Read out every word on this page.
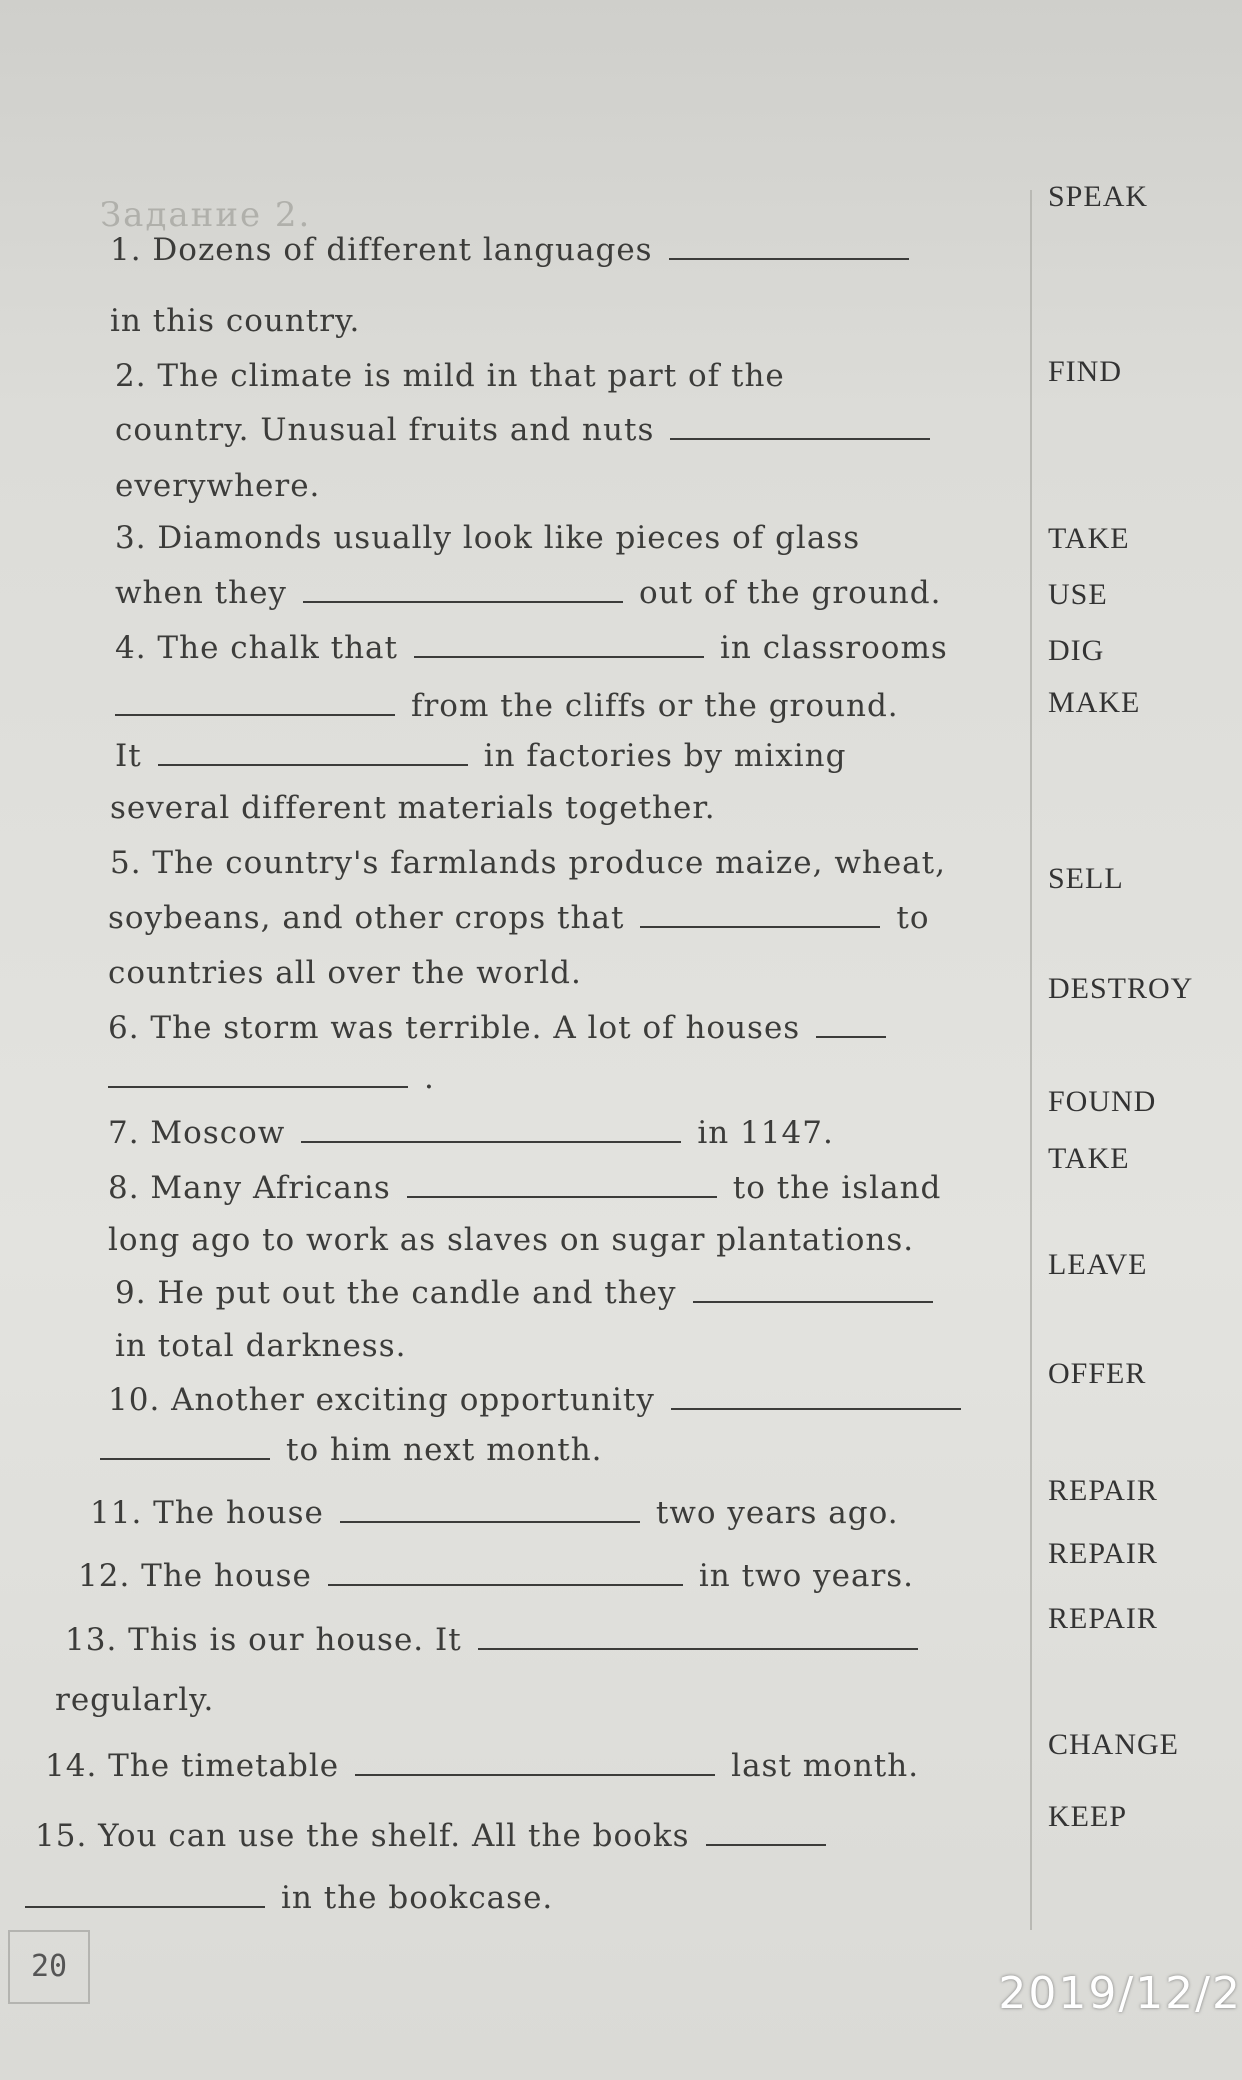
Задание 2.
1. Dozens of different languages
in this country.
2. The climate is mild in that part of the
country. Unusual fruits and nuts
everywhere.
3. Diamonds usually look like pieces of glass
when they	out of the ground.
4. The chalk that	in classrooms
from the cliffs or the ground.
It	in factories by mixing
several different materials together.
5. The country's farmlands produce maize, wheat,
soybeans, and other crops that	to
countries all over the world.
6. The storm was terrible. A lot of houses
.
7. Moscow	in 1147.
8. Many Africans	to the island
long ago to work as slaves on sugar plantations.
9. He put out the candle and they
in total darkness.
10. Another exciting opportunity
to him next month.
11. The house	two years ago.
12. The house	in two years.
13. This is our house. It
regularly.
14. The timetable	last month.
15. You can use the shelf. All the books
in the bookcase.
SPEAK
FIND
TAKE
USE
DIG
MAKE
SELL
DESTROY
FOUND
TAKE
LEAVE
OFFER
REPAIR
REPAIR
REPAIR
CHANGE
KEEP
20
2019/12/2
